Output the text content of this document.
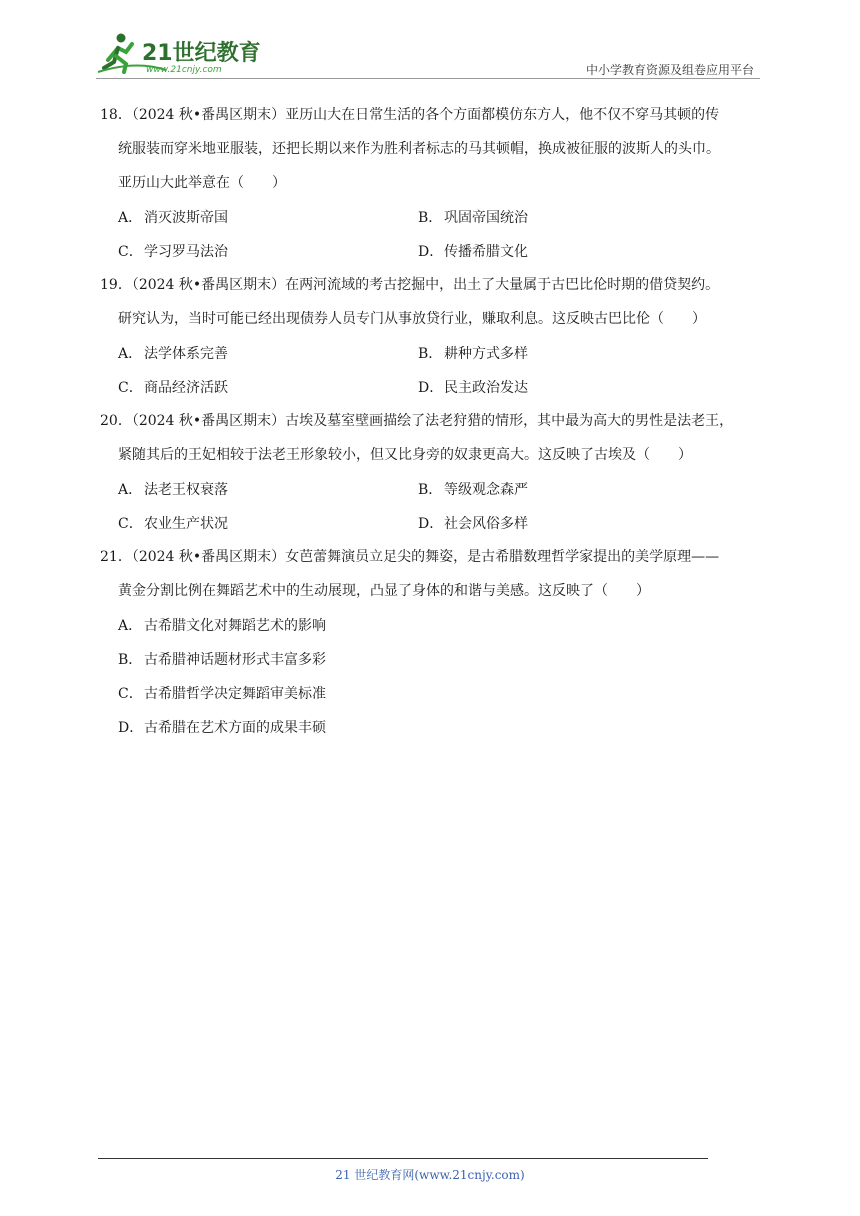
21世纪教育
www.21cnjy.com	中小学教育资源及组卷应用平台
18．（2024 秋•番禺区期末）亚历山大在日常生活的各个方面都模仿东方人，他不仅不穿马其顿的传
统服装而穿米地亚服装，还把长期以来作为胜利者标志的马其顿帽，换成被征服的波斯人的头巾。
亚历山大此举意在（　　）
A． 消灭波斯帝国	B． 巩固帝国统治
C．学习罗马法治	D．传播希腊文化
19．（2024 秋•番禺区期末）在两河流域的考古挖掘中，出土了大量属于古巴比伦时期的借贷契约。
研究认为，当时可能已经出现债券人员专门从事放贷行业，赚取利息。这反映古巴比伦（　　）
A． 法学体系完善	B． 耕种方式多样
C．商品经济活跃	D．民主政治发达
20．（2024 秋•番禺区期末）古埃及墓室壁画描绘了法老狩猎的情形，其中最为高大的男性是法老王，
紧随其后的王妃相较于法老王形象较小，但又比身旁的奴隶更高大。这反映了古埃及（　　）
A． 法老王权衰落	B． 等级观念森严
C．农业生产状况	D．社会风俗多样
21．（2024 秋•番禺区期末）女芭蕾舞演员立足尖的舞姿，是古希腊数理哲学家提出的美学原理——
黄金分割比例在舞蹈艺术中的生动展现，凸显了身体的和谐与美感。这反映了（　　）
A． 古希腊文化对舞蹈艺术的影响
B． 古希腊神话题材形式丰富多彩
C．古希腊哲学决定舞蹈审美标准
D．古希腊在艺术方面的成果丰硕
21 世纪教育网(www.21cnjy.com)
